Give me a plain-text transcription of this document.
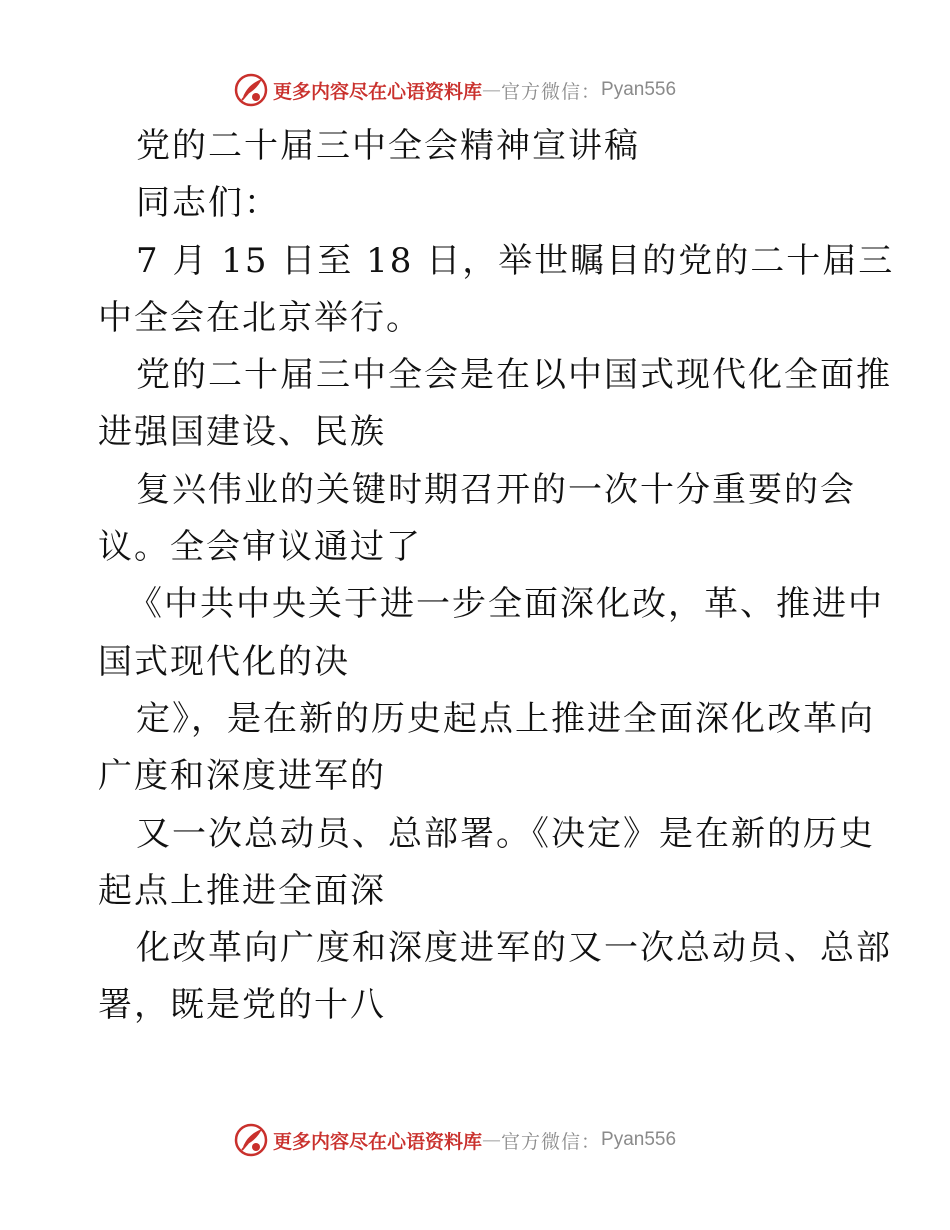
更多内容尽在心语资料库 — 官方微信： Pyan556
党的二十届三中全会精神宣讲稿
同志们：
7 月 15 日至 18 日，举世瞩目的党的二十届三
中全会在北京举行。
党的二十届三中全会是在以中国式现代化全面推
进强国建设、民族
复兴伟业的关键时期召开的一次十分重要的会
议。全会审议通过了
《中共中央关于进一步全面深化改，革、推进中
国式现代化的决
定》，是在新的历史起点上推进全面深化改革向
广度和深度进军的
又一次总动员、总部署。《决定》是在新的历史
起点上推进全面深
化改革向广度和深度进军的又一次总动员、总部
署，既是党的十八
更多内容尽在心语资料库 — 官方微信： Pyan556
